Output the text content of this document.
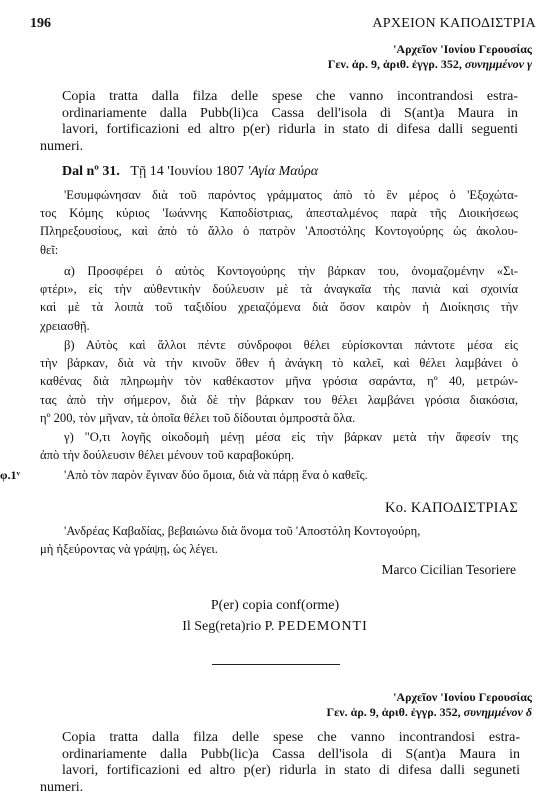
196	ΑΡΧΕΙΟΝ ΚΑΠΟΔΙΣΤΡΙΑ
'Αρχεῖον 'Ιονίου Γερουσίας
Γεν. ἀρ. 9, ἀριθ. ἐγγρ. 352, συνημμένον γ
Copia tratta dalla filza delle spese che vanno incontrandosi estra-
ordinariamente dalla Pubb(li)ca Cassa dell'isola di S(ant)a Maura in
lavori, fortificazioni ed altro p(er) ridurla in stato di difesa dalli seguenti
numeri.
Dal nº 31. Τῇ 14 'Ιουνίου 1807 'Αγία Μαύρα
'Εσυμφώνησαν διὰ τοῦ παρόντος γράμματος ἀπὸ τὸ ἓν μέρος ὁ 'Εξοχώτα-
τος Κόμης κύριος 'Ιωάννης Καποδίστριας, ἀπεσταλμένος παρὰ τῆς Διοικήσεως
Πληρεξουσίους, καὶ ἀπὸ τὸ ἄλλο ὁ πατρὸν 'Αποστόλης Κοντογούρης ὡς ἀκολου-
θεῖ:
α) Προσφέρει ὁ αὐτὸς Κοντογούρης τὴν βάρκαν του, ὀνομαζομένην «Σι-
φτέρι», εἰς τὴν αὐθεντικὴν δούλευσιν μὲ τὰ ἀναγκαῖα τὴς πανιὰ καὶ σχοινία
καὶ μὲ τὰ λοιπὰ τοῦ ταξιδίου χρειαζόμενα διὰ ὅσον καιρὸν ἡ Διοίκησις τὴν
χρειασθῇ.
β) Αὐτὸς καὶ ἄλλοι πέντε σύνδροφοι θέλει εὑρίσκονται πάντοτε μέσα εἰς
τὴν βάρκαν, διὰ νὰ τὴν κινοῦν ὅθεν ἡ ἀνάγκη τὸ καλεῖ, καὶ θέλει λαμβάνει ὁ
καθένας διὰ πληρωμὴν τὸν καθέκαστον μῆνα γρόσια σαράντα, ηº 40, μετρών-
τας ἀπὸ τὴν σήμερον, διὰ δὲ τὴν βάρκαν του θέλει λαμβάνει γρόσια διακόσια,
ηº 200, τὸν μῆναν, τὰ ὁποῖα θέλει τοῦ δίδουται ὀμπροστὰ ὅλα.
γ) "Ο,τι λογῆς οἰκοδομὴ μένῃ μέσα εἰς τὴν βάρκαν μετὰ τὴν ἄφεσίν της
ἀπὸ τὴν δούλευσιν θέλει μένουν τοῦ καραβοκύρη.
φ.1ᵛ	'Απὸ τὸν παρὸν ἔγιναν δύο ὅμοια, διὰ νὰ πάρῃ ἕνα ὁ καθεῖς.
Κο. ΚΑΠΟΔΙΣΤΡΙΑΣ
'Ανδρέας Καβαδίας, βεβαιώνω διὰ ὄνομα τοῦ 'Αποστόλη Κοντογούρη,
μὴ ἠξεύροντας νὰ γράψῃ, ὡς λέγει.
Marco Cicilian Tesoriere
P(er) copia conf(orme)
Il Seg(reta)rio P. PEDEMONTI
'Αρχεῖον 'Ιονίου Γερουσίας
Γεν. ἀρ. 9, ἀριθ. ἐγγρ. 352, συνημμένον δ
Copia tratta dalla filza delle spese che vanno incontrandosi estra-
ordinariamente dalla Pubb(lic)a Cassa dell'isola di S(ant)a Maura in
lavori, fortificazioni ed altro p(er) ridurla in stato di difesa dalli seguneti
numeri.
